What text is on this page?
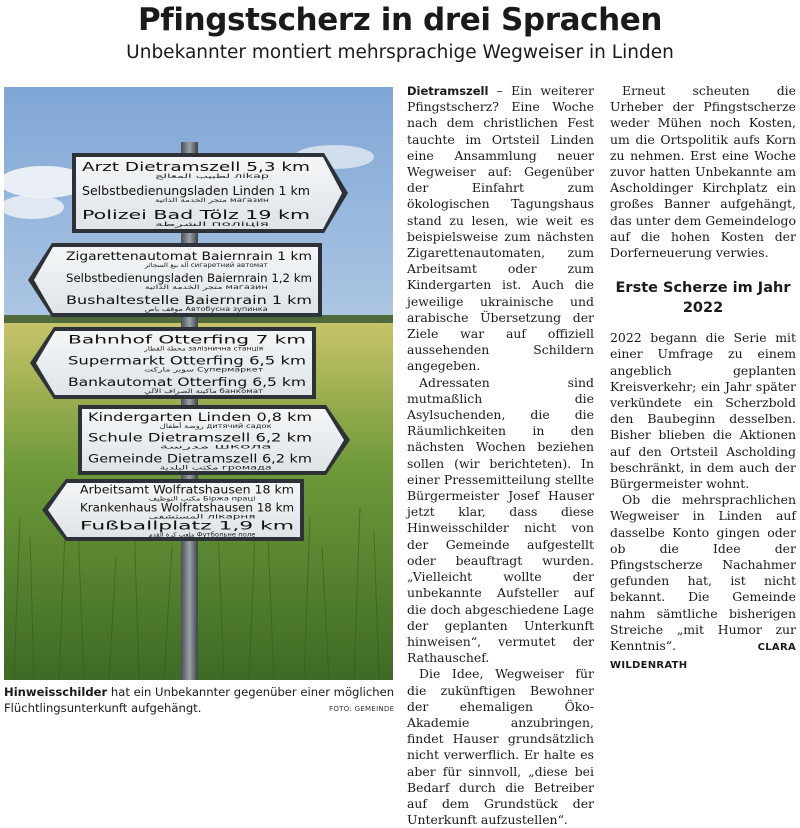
Pfingstscherz in drei Sprachen
Unbekannter montiert mehrsprachige Wegweiser in Linden
Arzt Dietramszell 5,3 km
لطبيب المعالج ліkар
Selbstbedienungsladen Linden 1 km
متجر الخدمة الذاتية магазин
Polizei Bad Tölz 19 km
الشرطة поліція
Zigarettenautomat Baiernrain 1 km
آلة بيع السجائر сигаретний автомат
Selbstbedienungsladen Baiernrain 1,2 km
متجر الخدمة الذاتية магазин
Bushaltestelle Baiernrain 1 km
موقف باص Автобусна зупинка
Bahnhof Otterfing 7 km
محطة القطار залізнична станція
Supermarkt Otterfing 6,5 km
سوبر ماركت Супермаркет
Bankautomat Otterfing 6,5 km
ماكينة الصراف الآلي банкомат
Kindergarten Linden 0,8 km
روضة أطفال дитячий садок
Schule Dietramszell 6,2 km
مدرسة школа
Gemeinde Dietramszell 6,2 km
مكتب البلدية громада
Arbeitsamt Wolfratshausen 18 km
مكتب التوظيف Біржа праці
Krankenhaus Wolfratshausen 18 km
المستشفى лікарня
Fußballplatz 1,9 km
ملعب كرة القدم Футбольне поле
Hinweisschilder hat ein Unbekannter gegenüber einer möglichen Flüchtlingsunterkunft aufgehängt.	FOTO: GEMEINDE

Dietramszell – Ein weiterer Pfingstscherz? Eine Woche nach dem christlichen Fest tauchte im Ortsteil Linden eine Ansammlung neuer Wegweiser auf: Gegenüber der Einfahrt zum ökologischen Tagungshaus stand zu lesen, wie weit es beispielsweise zum nächsten Zigarettenautomaten, zum Arbeitsamt oder zum Kindergarten ist. Auch die jeweilige ukrainische und arabische Übersetzung der Ziele war auf offiziell aussehenden Schildern angegeben.

Adressaten sind mutmaßlich die Asylsuchenden, die die Räumlichkeiten in den nächsten Wochen beziehen sollen (wir berichteten). In einer Pressemitteilung stellte Bürgermeister Josef Hauser jetzt klar, dass diese Hinweisschilder nicht von der Gemeinde aufgestellt oder beauftragt wurden. „Vielleicht wollte der unbekannte Aufsteller auf die doch abgeschiedene Lage der geplanten Unterkunft hinweisen“, vermutet der Rathauschef.

Die Idee, Wegweiser für die zukünftigen Bewohner der ehemaligen Öko-Akademie anzubringen, findet Hauser grundsätzlich nicht verwerflich. Er halte es aber für sinnvoll, „diese bei Bedarf durch die Betreiber auf dem Grundstück der Unterkunft aufzustellen“.

Erneut scheuten die Urheber der Pfingstscherze weder Mühen noch Kosten, um die Ortspolitik aufs Korn zu nehmen. Erst eine Woche zuvor hatten Unbekannte am Ascholdinger Kirchplatz ein großes Banner aufgehängt, das unter dem Gemeindelogo auf die hohen Kosten der Dorferneuerung verwies.

Erste Scherze im Jahr 2022

2022 begann die Serie mit einer Umfrage zu einem angeblich geplanten Kreisverkehr; ein Jahr später verkündete ein Scherzbold den Baubeginn desselben. Bisher blieben die Aktionen auf den Ortsteil Ascholding beschränkt, in dem auch der Bürgermeister wohnt.

Ob die mehrsprachlichen Wegweiser in Linden auf dasselbe Konto gingen oder ob die Idee der Pfingstscherze Nachahmer gefunden hat, ist nicht bekannt. Die Gemeinde nahm sämtliche bisherigen Streiche „mit Humor zur Kenntnis“.	CLARA WILDENRATH
